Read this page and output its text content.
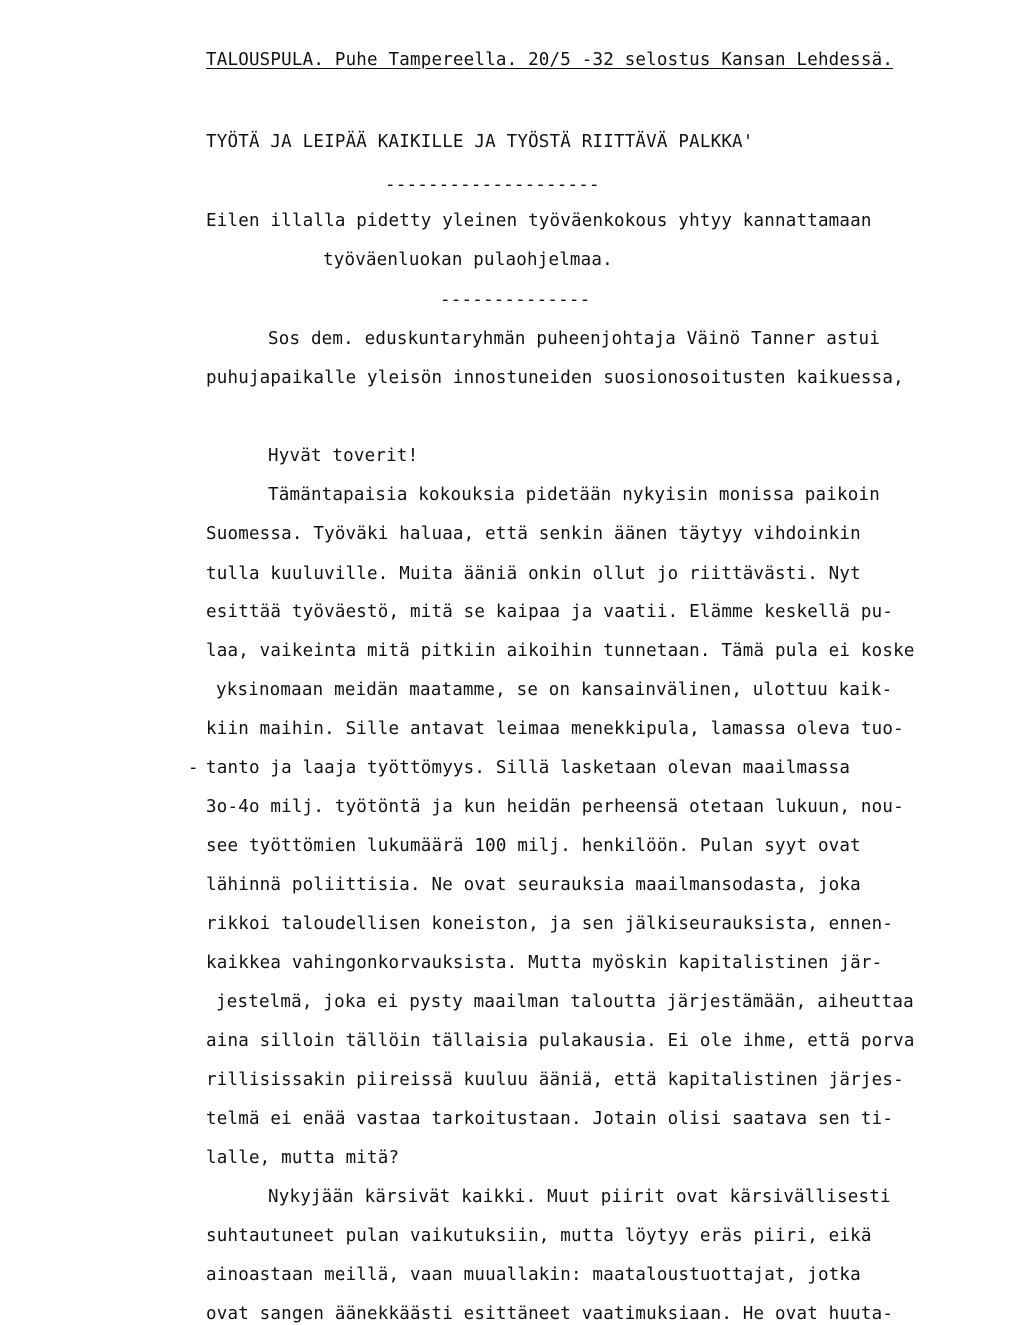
TALOUSPULA. Puhe Tampereella. 20/5 -32 selostus Kansan Lehdessä.
TYÖTÄ JA LEIPÄÄ KAIKILLE JA TYÖSTÄ RIITTÄVÄ PALKKA'
--------------------
Eilen illalla pidetty yleinen työväenkokous yhtyy kannattamaan
työväenluokan pulaohjelmaa.
--------------
Sos dem. eduskuntaryhmän puheenjohtaja Väinö Tanner astui
puhujapaikalle yleisön innostuneiden suosionosoitusten kaikuessa,
Hyvät toverit!
Tämäntapaisia kokouksia pidetään nykyisin monissa paikoin
Suomessa. Työväki haluaa, että senkin äänen täytyy vihdoinkin
tulla kuuluville. Muita ääniä onkin ollut jo riittävästi. Nyt
esittää työväestö, mitä se kaipaa ja vaatii. Elämme keskellä pu-
laa, vaikeinta mitä pitkiin aikoihin tunnetaan. Tämä pula ei koske
yksinomaan meidän maatamme, se on kansainvälinen, ulottuu kaik-
kiin maihin. Sille antavat leimaa menekkipula, lamassa oleva tuo-
- tanto ja laaja työttömyys. Sillä lasketaan olevan maailmassa
3o-4o milj. työtöntä ja kun heidän perheensä otetaan lukuun, nou-
see työttömien lukumäärä 100 milj. henkilöön. Pulan syyt ovat
lähinnä poliittisia. Ne ovat seurauksia maailmansodasta, joka
rikkoi taloudellisen koneiston, ja sen jälkiseurauksista, ennen-
kaikkea vahingonkorvauksista. Mutta myöskin kapitalistinen jär-
jestelmä, joka ei pysty maailman taloutta järjestämään, aiheuttaa
aina silloin tällöin tällaisia pulakausia. Ei ole ihme, että porva
rillisissakin piireissä kuuluu ääniä, että kapitalistinen järjes-
telmä ei enää vastaa tarkoitustaan. Jotain olisi saatava sen ti-
lalle, mutta mitä?
Nykyjään kärsivät kaikki. Muut piirit ovat kärsivällisesti
suhtautuneet pulan vaikutuksiin, mutta löytyy eräs piiri, eikä
ainoastaan meillä, vaan muuallakin: maataloustuottajat, jotka
ovat sangen äänekkäästi esittäneet vaatimuksiaan. He ovat huuta-
